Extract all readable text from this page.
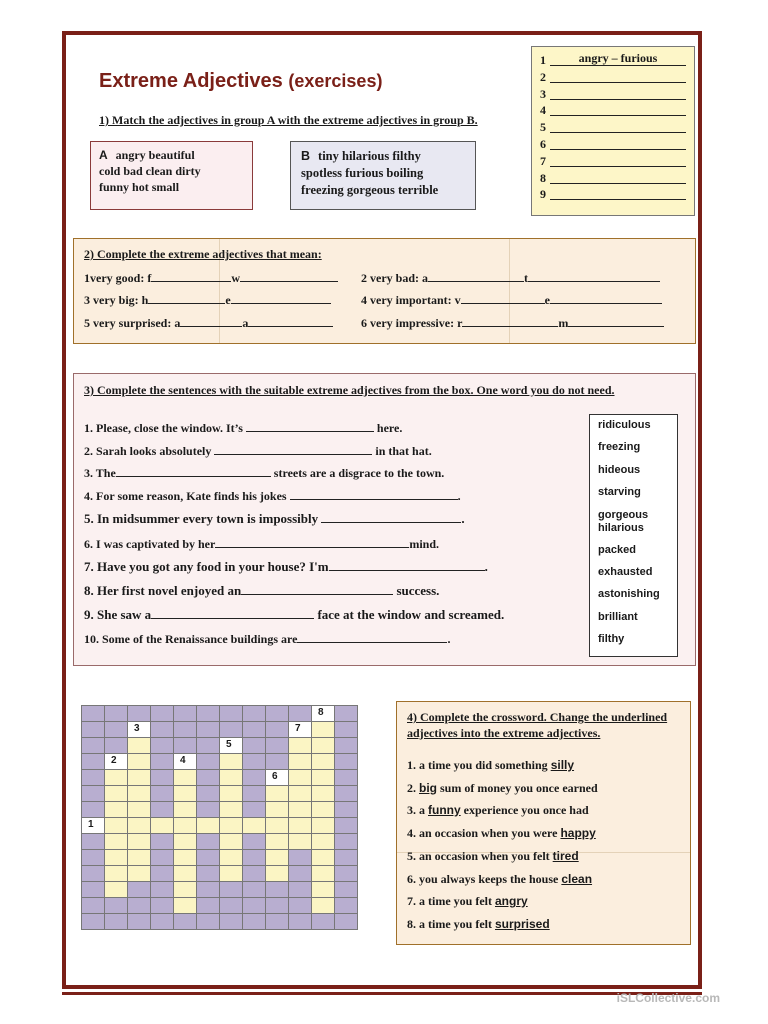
Extreme Adjectives (exercises)
1) Match the adjectives in group A with the extreme adjectives in group B.
A angry beautiful
cold bad clean dirty
funny hot small
B tiny hilarious filthy
spotless furious boiling
freezing gorgeous terrible
1	angry – furious
2
3
4
5
6
7
8
9
2) Complete the extreme adjectives that mean:
1very good: f	w	2 very bad: a	t
3 very big: h	e	4 very important: v	e
5 very surprised: a	a	6 very impressive: r	m
3) Complete the sentences with the suitable extreme adjectives from the box. One word you do not need.
1. Please, close the window. It’s	here.
2. Sarah looks absolutely	in that hat.
3. The	streets are a disgrace to the town.
4. For some reason, Kate finds his jokes	.
5. In midsummer every town is impossibly	.
6. I was captivated by her	mind.
7. Have you got any food in your house? I'm	.
8. Her first novel enjoyed an	success.
9. She saw a	face at the window and screamed.
10. Some of the Renaissance buildings are	.
ridiculous
freezing
hideous
starving
gorgeous
hilarious
packed
exhausted
astonishing
brilliant
filthy

										8	

		3							7		

						5					

	2			4							

								6			

1											

4) Complete the crossword. Change the underlined adjectives into the extreme adjectives.
1. a time you did something silly
2. big sum of money you once earned
3. a funny experience you once had
4. an occasion when you were happy
5. an occasion when you felt tired
6. you always keeps the house clean
7. a time you felt angry
8. a time you felt surprised
iSLCollective.com
